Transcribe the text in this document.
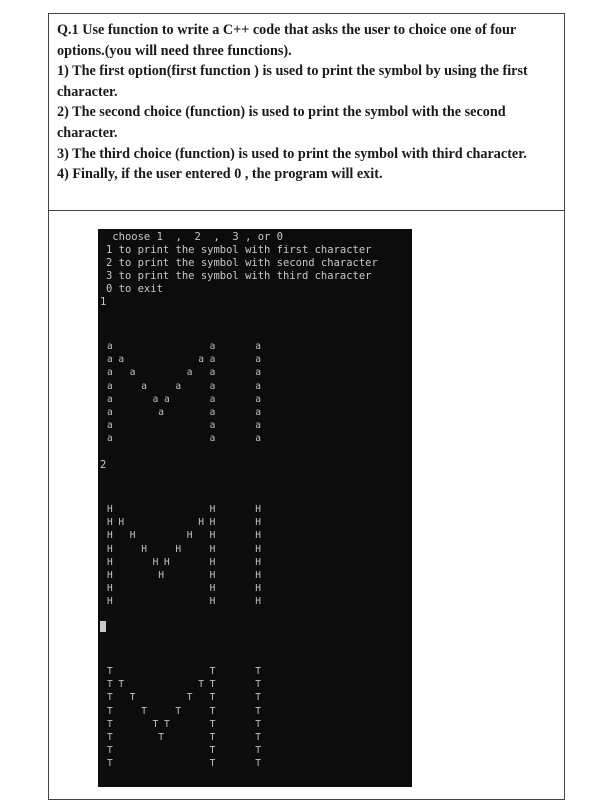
Q.1 Use function to write a C++ code that asks the user to choice one of four options.(you will need three functions).

1) The first option(first function ) is used to print the symbol by using the first character.

2) The second choice (function) is used to print the symbol with the second character.

3) The third choice (function) is used to print the symbol with third character.

4) Finally, if the user entered 0 , the program will exit.

choose 1  ,  2  ,  3 , or 0
1 to print the symbol with first character
2 to print the symbol with second character
3 to print the symbol with third character
0 to exit
1
2
a	a	a
a a	a a	a
a a	a a	a
a	a	a	a	a
a	a a	a	a
a	a	a	a
a	a	a
a	a	a
H	H	H
H H	H H	H
H H	H H	H
H	H	H	H	H
H	H H	H	H
H	H	H	H
H	H	H
H	H	H
T	T	T
T T	T T	T
T T	T T	T
T	T	T	T	T
T	T T	T	T
T	T	T	T
T	T	T
T	T	T
